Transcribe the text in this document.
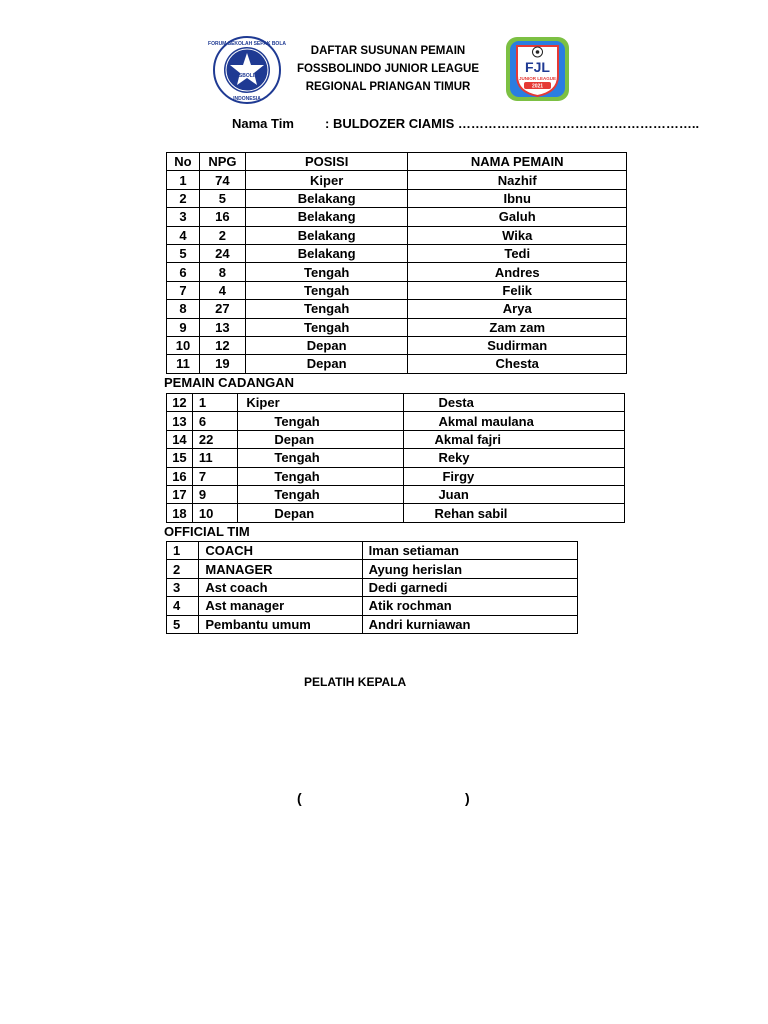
FOSSBOLINDO
FORUM SEKOLAH SEPAK BOLA
INDONESIA
DAFTAR SUSUNAN PEMAIN
FOSSBOLINDO JUNIOR LEAGUE
REGIONAL PRIANGAN TIMUR
FJL
JUNIOR LEAGUE
2021
Nama Tim : BULDOZER CIAMIS ………………………………………………..
No	NPG	POSISI	NAMA PEMAIN
1	74	Kiper	Nazhif
2	5	Belakang	Ibnu
3	16	Belakang	Galuh
4	2	Belakang	Wika
5	24	Belakang	Tedi
6	8	Tengah	Andres
7	4	Tengah	Felik
8	27	Tengah	Arya
9	13	Tengah	Zam zam
10	12	Depan	Sudirman
11	19	Depan	Chesta
PEMAIN CADANGAN
12	1	Kiper	Desta
13	6	Tengah	Akmal maulana
14	22	Depan	Akmal fajri
15	11	Tengah	Reky
16	7	Tengah	Firgy
17	9	Tengah	Juan
18	10	Depan	Rehan sabil
OFFICIAL TIM
1	COACH	Iman setiaman
2	MANAGER	Ayung herislan
3	Ast coach	Dedi garnedi
4	Ast manager	Atik rochman
5	Pembantu umum	Andri kurniawan
PELATIH KEPALA
(	)
